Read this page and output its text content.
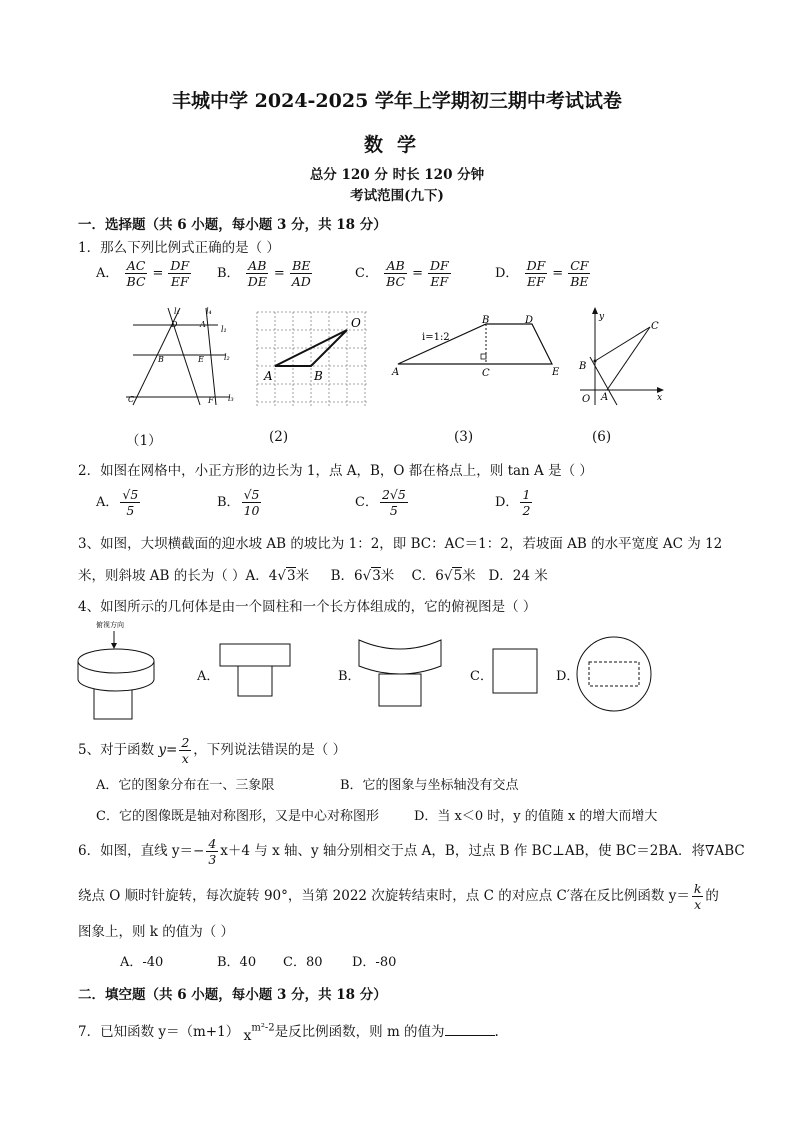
丰城中学 2024-2025 学年上学期初三期中考试试卷
数学
总分 120 分 时长 120 分钟
考试范围(九下)
一．选择题（共 6 小题，每小题 3 分，共 18 分）
1．那么下列比例式正确的是（ ）
A． $\frac{AC}{BC} = \frac{DF}{EF}$ B． $\frac{AB}{DE} = \frac{BE}{AD}$	C． $\frac{AB}{BC} = \frac{DF}{EF}$	D． $\frac{DF}{EF} = \frac{CF}{BE}$
l₁	l₄
D	A
l₁
B	E	l₂
C	F l₃
O
A	B
i=1:2
B	D
A	C	E
y
C
B
O A	x
（1）	(2)	(3)	(6)
2．如图在网格中，小正方形的边长为 1，点 A，B，O 都在格点上，则 tan A 是（ ）
A． $\frac{√5}{5}$	B． $\frac{√5}{10}$	C． $\frac{2√5}{5}$	D． $\frac{1}{2}$
3、如图，大坝横截面的迎水坡 AB 的坡比为 1：2，即 BC：AC＝1：2，若坡面 AB 的水平宽度 AC 为 12
米，则斜坡 AB 的长为（ ）A．4√3米 B．6√3米 C．6√5米 D．24 米
4、如图所示的几何体是由一个圆柱和一个长方体组成的，它的俯视图是（ ）
俯视方向
A．	B．	C．	D．
5、对于函数 $y= \frac{2}{x}$ ，下列说法错误的是（ ）
A．它的图象分布在一、三象限	B．它的图象与坐标轴没有交点
C．它的图像既是轴对称图形，又是中心对称图形	D．当 x＜0 时，y 的值随 x 的增大而增大
6．如图，直线 $y=- \frac{4}{3} x+4$ 与 x 轴、y 轴分别相交于点 A，B，过点 B 作 BC⊥AB，使 BC＝2BA．将∇ABC
绕点 O 顺时针旋转，每次旋转 90°，当第 2022 次旋转结束时，点 C 的对应点 C′落在反比例函数 $y= \frac{k}{x}$ 的
图象上，则 k 的值为（ ）
A．-40	B．40 C．80 D．-80
二．填空题（共 6 小题，每小题 3 分，共 18 分）
7．已知函数 y＝（m+1） $x^{m^2-2}$是反比例函数，则 m 的值为	.
